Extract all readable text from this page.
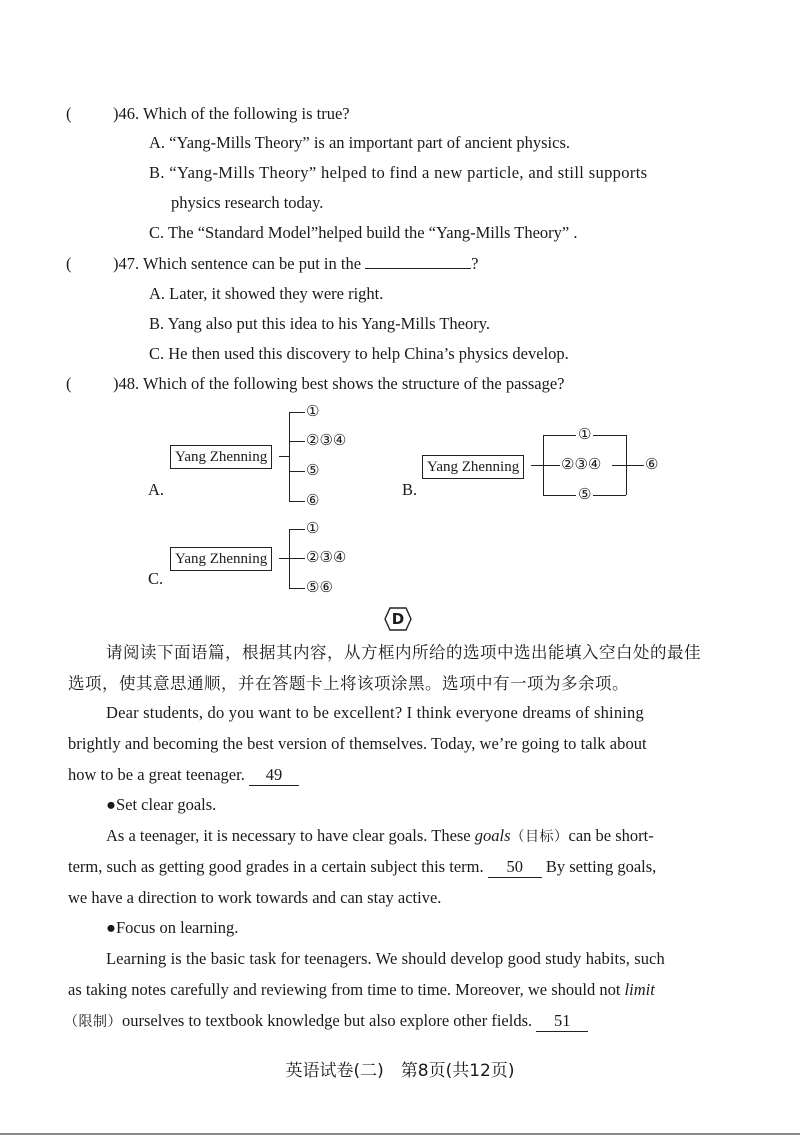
(	)46. Which of the following is true?
A. “Yang-Mills Theory” is an important part of ancient physics.
B. “Yang-Mills Theory” helped to find a new particle, and still supports
physics research today.
C. The “Standard Model”helped build the “Yang-Mills Theory” .
(	)47. Which sentence can be put in the	?
A. Later, it showed they were right.
B. Yang also put this idea to his Yang-Mills Theory.
C. He then used this discovery to help China’s physics develop.
(	)48. Which of the following best shows the structure of the passage?
A.
Yang Zhenning
①
②③④
⑤
⑥
B.
Yang Zhenning
①
②③④
⑤
⑥
C.
Yang Zhenning
①
②③④
⑤⑥
D
请阅读下面语篇，根据其内容，从方框内所给的选项中选出能填入空白处的最佳
选项，使其意思通顺，并在答题卡上将该项涂黑。选项中有一项为多余项。
Dear students, do you want to be excellent? I think everyone dreams of shining
brightly and becoming the best version of themselves. Today, we’re going to talk about
how to be a great teenager. 49
●Set clear goals.
As a teenager, it is necessary to have clear goals. These goals（目标）can be short-
term, such as getting good grades in a certain subject this term. 50 By setting goals,
we have a direction to work towards and can stay active.
●Focus on learning.
Learning is the basic task for teenagers. We should develop good study habits, such
as taking notes carefully and reviewing from time to time. Moreover, we should not limit
（限制）ourselves to textbook knowledge but also explore other fields. 51
英语试卷(二)　第8页(共12页)
